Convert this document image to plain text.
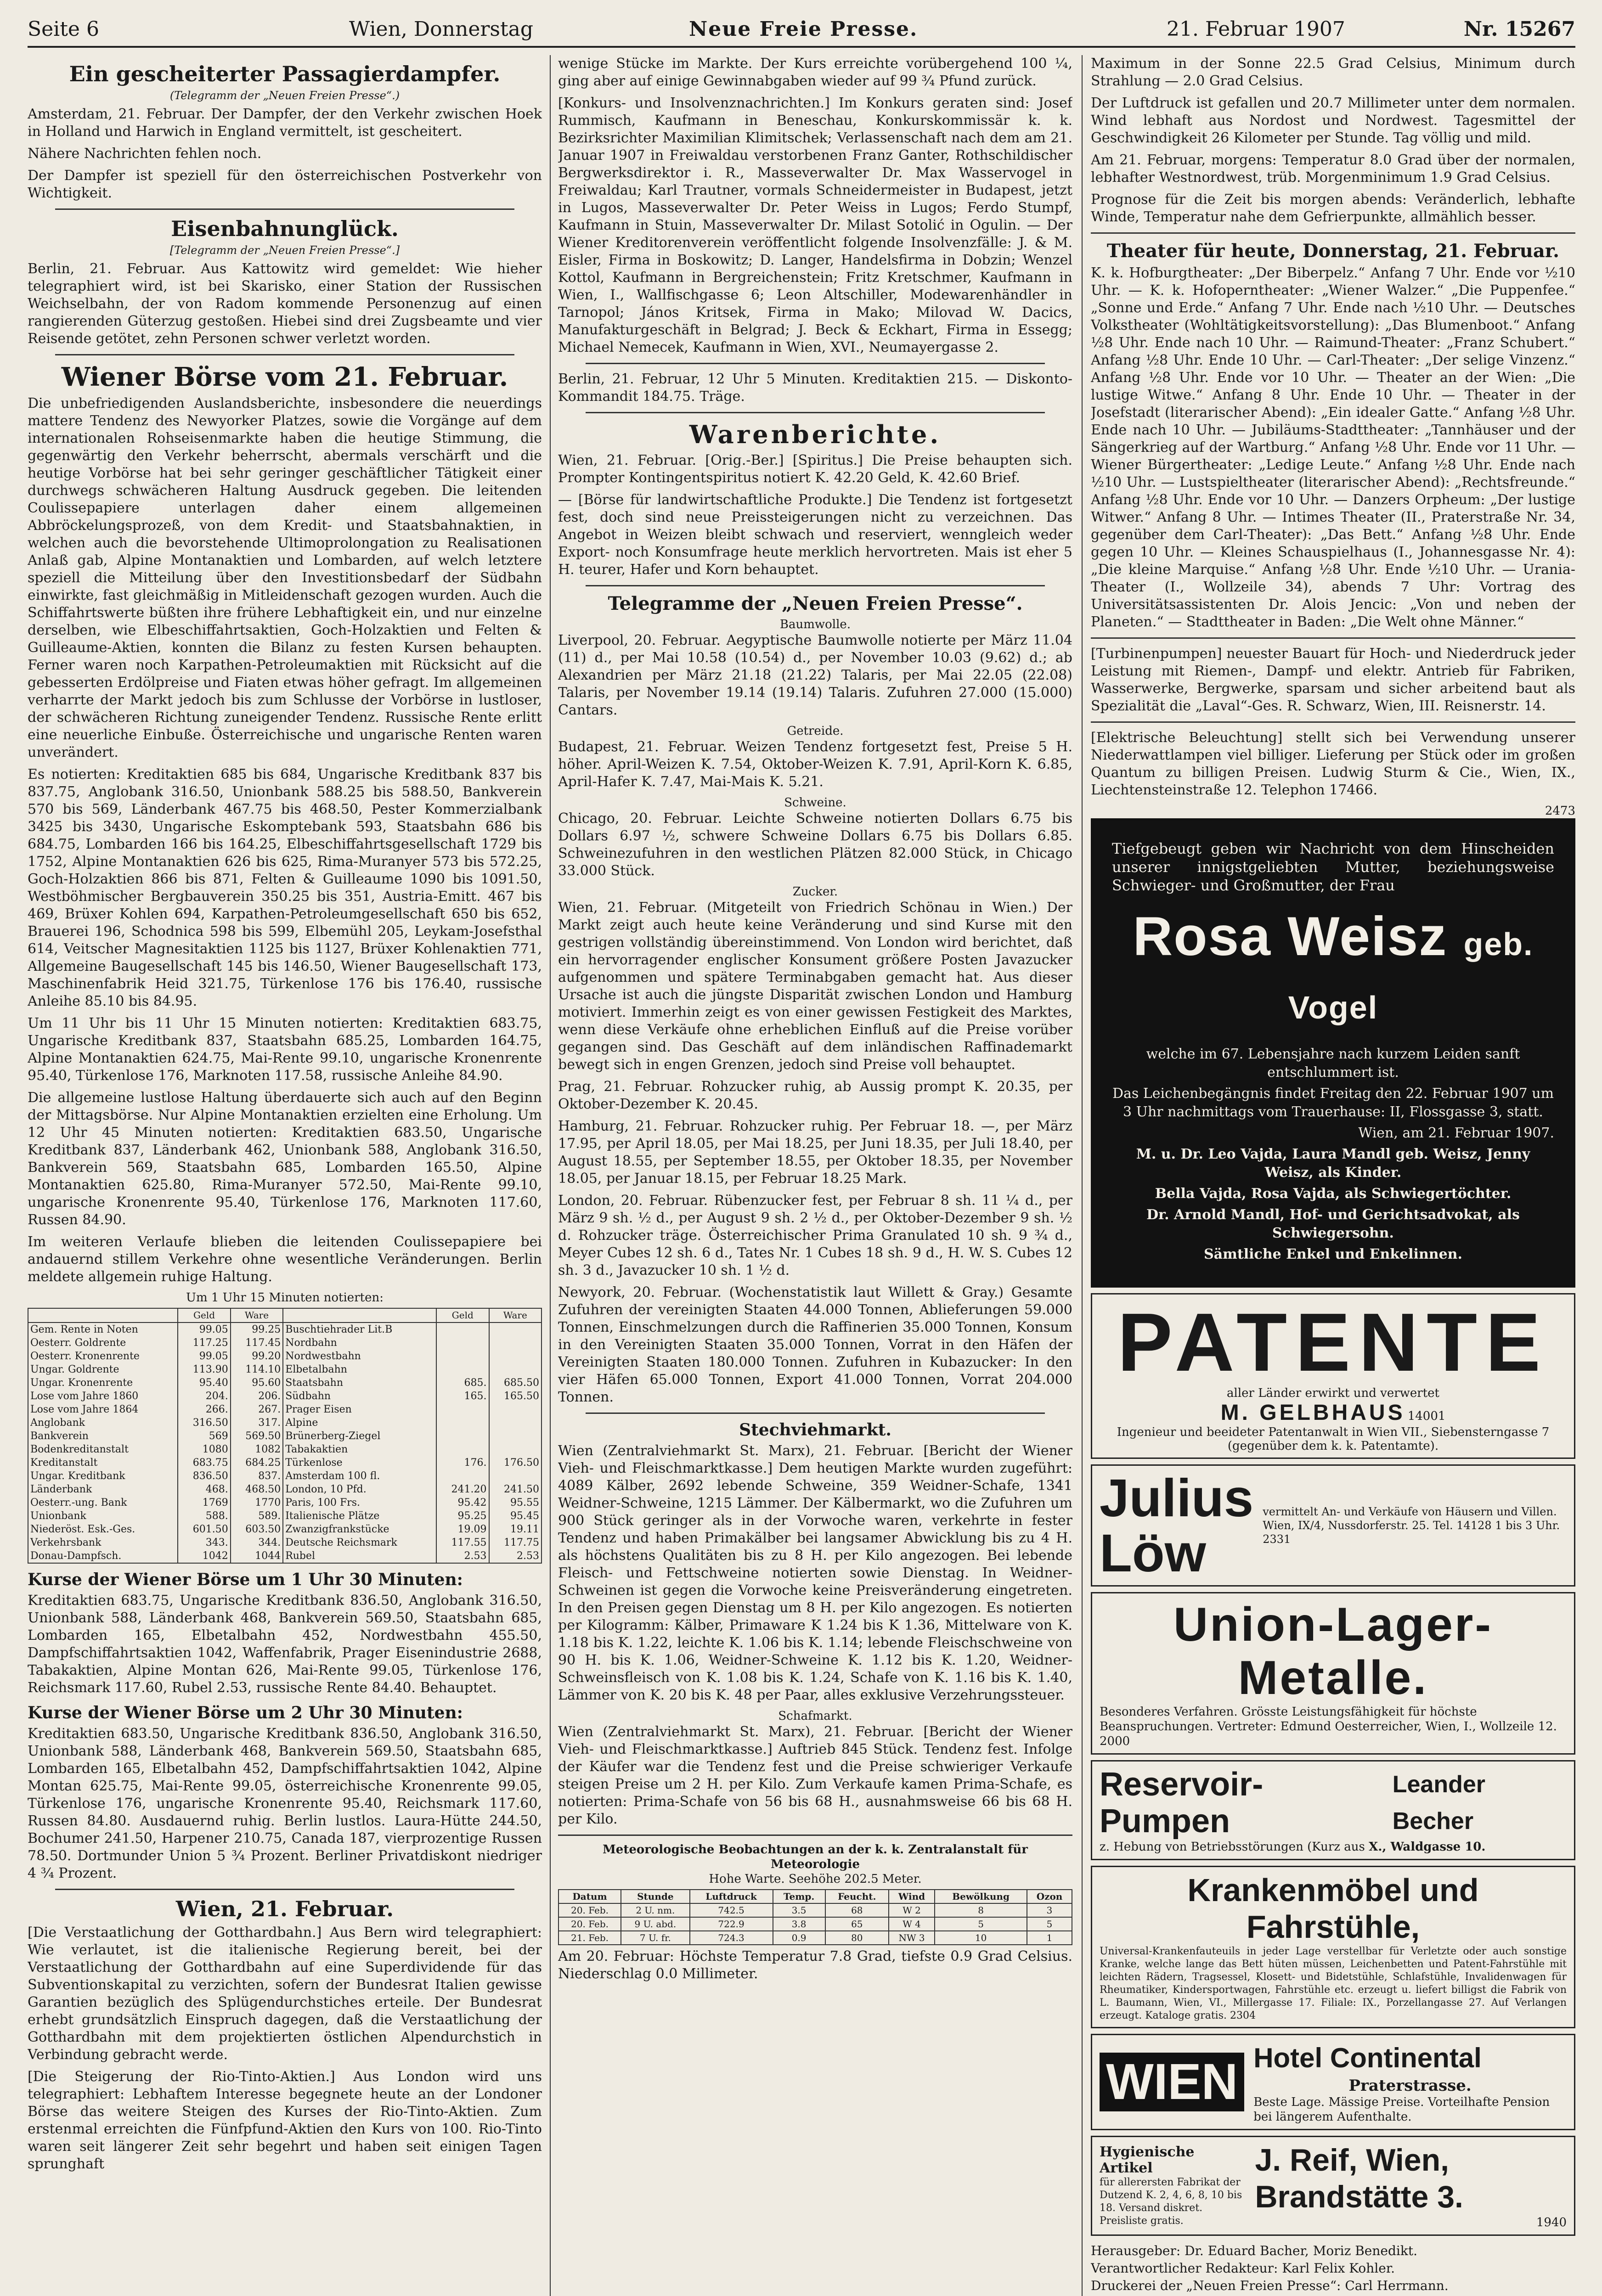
Seite 6	Wien, Donnerstag	Neue Freie Presse.	21. Februar 1907	Nr. 15267
Ein gescheiterter Passagierdampfer.
(Telegramm der „Neuen Freien Presse“.)

Amsterdam, 21. Februar. Der Dampfer, der den Verkehr zwischen Hoek in Holland und Harwich in England vermittelt, ist gescheitert.

Nähere Nachrichten fehlen noch.

Der Dampfer ist speziell für den österreichischen Postverkehr von Wichtigkeit.

Eisenbahnunglück.
[Telegramm der „Neuen Freien Presse“.]

Berlin, 21. Februar. Aus Kattowitz wird gemeldet: Wie hieher telegraphiert wird, ist bei Skarisko, einer Station der Russischen Weichselbahn, der von Radom kommende Personenzug auf einen rangierenden Güterzug gestoßen. Hiebei sind drei Zugsbeamte und vier Reisende getötet, zehn Personen schwer verletzt worden.

Wiener Börse vom 21. Februar.

Die unbefriedigenden Auslandsberichte, insbesondere die neuerdings mattere Tendenz des Newyorker Platzes, sowie die Vorgänge auf dem internationalen Rohseisenmarkte haben die heutige Stimmung, die gegenwärtig den Verkehr beherrscht, abermals verschärft und die heutige Vorbörse hat bei sehr geringer geschäftlicher Tätigkeit einer durchwegs schwächeren Haltung Ausdruck gegeben. Die leitenden Coulissepapiere unterlagen daher einem allgemeinen Abbröckelungsprozeß, von dem Kredit- und Staatsbahnaktien, in welchen auch die bevorstehende Ultimoprolongation zu Realisationen Anlaß gab, Alpine Montanaktien und Lombarden, auf welch letztere speziell die Mitteilung über den Investitionsbedarf der Südbahn einwirkte, fast gleichmäßig in Mitleidenschaft gezogen wurden. Auch die Schiffahrtswerte büßten ihre frühere Lebhaftigkeit ein, und nur einzelne derselben, wie Elbeschiffahrtsaktien, Goch-Holzaktien und Felten & Guilleaume-Aktien, konnten die Bilanz zu festen Kursen behaupten. Ferner waren noch Karpathen-Petroleumaktien mit Rücksicht auf die gebesserten Erdölpreise und Fiaten etwas höher gefragt. Im allgemeinen verharrte der Markt jedoch bis zum Schlusse der Vorbörse in lustloser, der schwächeren Richtung zuneigender Tendenz. Russische Rente erlitt eine neuerliche Einbuße. Österreichische und ungarische Renten waren unverändert.

Es notierten: Kreditaktien 685 bis 684, Ungarische Kreditbank 837 bis 837.75, Anglobank 316.50, Unionbank 588.25 bis 588.50, Bankverein 570 bis 569, Länderbank 467.75 bis 468.50, Pester Kommerzialbank 3425 bis 3430, Ungarische Eskomptebank 593, Staatsbahn 686 bis 684.75, Lombarden 166 bis 164.25, Elbeschiffahrtsgesellschaft 1729 bis 1752, Alpine Montanaktien 626 bis 625, Rima-Muranyer 573 bis 572.25, Goch-Holzaktien 866 bis 871, Felten & Guilleaume 1090 bis 1091.50, Westböhmischer Bergbauverein 350.25 bis 351, Austria-Emitt. 467 bis 469, Brüxer Kohlen 694, Karpathen-Petroleumgesellschaft 650 bis 652, Brauerei 196, Schodnica 598 bis 599, Elbemühl 205, Leykam-Josefsthal 614, Veitscher Magnesitaktien 1125 bis 1127, Brüxer Kohlenaktien 771, Allgemeine Baugesellschaft 145 bis 146.50, Wiener Baugesellschaft 173, Maschinenfabrik Heid 321.75, Türkenlose 176 bis 176.40, russische Anleihe 85.10 bis 84.95.

Um 11 Uhr bis 11 Uhr 15 Minuten notierten: Kreditaktien 683.75, Ungarische Kreditbank 837, Staatsbahn 685.25, Lombarden 164.75, Alpine Montanaktien 624.75, Mai-Rente 99.10, ungarische Kronenrente 95.40, Türkenlose 176, Marknoten 117.58, russische Anleihe 84.90.

Die allgemeine lustlose Haltung überdauerte sich auch auf den Beginn der Mittagsbörse. Nur Alpine Montanaktien erzielten eine Erholung. Um 12 Uhr 45 Minuten notierten: Kreditaktien 683.50, Ungarische Kreditbank 837, Länderbank 462, Unionbank 588, Anglobank 316.50, Bankverein 569, Staatsbahn 685, Lombarden 165.50, Alpine Montanaktien 625.80, Rima-Muranyer 572.50, Mai-Rente 99.10, ungarische Kronenrente 95.40, Türkenlose 176, Marknoten 117.60, Russen 84.90.

Im weiteren Verlaufe blieben die leitenden Coulissepapiere bei andauernd stillem Verkehre ohne wesentliche Veränderungen. Berlin meldete allgemein ruhige Haltung.

Um 1 Uhr 15 Minuten notierten:
	Geld	Ware		Geld	Ware
Gem. Rente in Noten	99.05	99.25	Buschtiehrader Lit.B		
Oesterr. Goldrente	117.25	117.45	Nordbahn		
Oesterr. Kronenrente	99.05	99.20	Nordwestbahn		
Ungar. Goldrente	113.90	114.10	Elbetalbahn		
Ungar. Kronenrente	95.40	95.60	Staatsbahn	685.	685.50
Lose vom Jahre 1860	204.	206.	Südbahn	165.	165.50
Lose vom Jahre 1864	266.	267.	Prager Eisen		
Anglobank	316.50	317.	Alpine		
Bankverein	569	569.50	Brünerberg-Ziegel		
Bodenkreditanstalt	1080	1082	Tabakaktien		
Kreditanstalt	683.75	684.25	Türkenlose	176.	176.50
Ungar. Kreditbank	836.50	837.	Amsterdam 100 fl.		
Länderbank	468.	468.50	London, 10 Pfd.	241.20	241.50
Oesterr.-ung. Bank	1769	1770	Paris, 100 Frs.	95.42	95.55
Unionbank	588.	589.	Italienische Plätze	95.25	95.45
Niederöst. Esk.-Ges.	601.50	603.50	Zwanzigfrankstücke	19.09	19.11
Verkehrsbank	343.	344.	Deutsche Reichsmark	117.55	117.75
Donau-Dampfsch.	1042	1044	Rubel	2.53	2.53
Kurse der Wiener Börse um 1 Uhr 30 Minuten:

Kreditaktien 683.75, Ungarische Kreditbank 836.50, Anglobank 316.50, Unionbank 588, Länderbank 468, Bankverein 569.50, Staatsbahn 685, Lombarden 165, Elbetalbahn 452, Nordwestbahn 455.50, Dampfschiffahrtsaktien 1042, Waffenfabrik, Prager Eisenindustrie 2688, Tabakaktien, Alpine Montan 626, Mai-Rente 99.05, Türkenlose 176, Reichsmark 117.60, Rubel 2.53, russische Rente 84.40. Behauptet.

Kurse der Wiener Börse um 2 Uhr 30 Minuten:

Kreditaktien 683.50, Ungarische Kreditbank 836.50, Anglobank 316.50, Unionbank 588, Länderbank 468, Bankverein 569.50, Staatsbahn 685, Lombarden 165, Elbetalbahn 452, Dampfschiffahrtsaktien 1042, Alpine Montan 625.75, Mai-Rente 99.05, österreichische Kronenrente 99.05, Türkenlose 176, ungarische Kronenrente 95.40, Reichsmark 117.60, Russen 84.80. Ausdauernd ruhig. Berlin lustlos. Laura-Hütte 244.50, Bochumer 241.50, Harpener 210.75, Canada 187, vierprozentige Russen 78.50. Dortmunder Union 5 ¾ Prozent. Berliner Privatdiskont niedriger 4 ¾ Prozent.

Wien, 21. Februar.

[Die Verstaatlichung der Gotthardbahn.] Aus Bern wird telegraphiert: Wie verlautet, ist die italienische Regierung bereit, bei der Verstaatlichung der Gotthardbahn auf eine Superdividende für das Subventionskapital zu verzichten, sofern der Bundesrat Italien gewisse Garantien bezüglich des Splügendurchstiches erteile. Der Bundesrat erhebt grundsätzlich Einspruch dagegen, daß die Verstaatlichung der Gotthardbahn mit dem projektierten östlichen Alpendurchstich in Verbindung gebracht werde.

[Die Steigerung der Rio-Tinto-Aktien.] Aus London wird uns telegraphiert: Lebhaftem Interesse begegnete heute an der Londoner Börse das weitere Steigen des Kurses der Rio-Tinto-Aktien. Zum erstenmal erreichten die Fünfpfund-Aktien den Kurs von 100. Rio-Tinto waren seit längerer Zeit sehr begehrt und haben seit einigen Tagen sprunghaft

wenige Stücke im Markte. Der Kurs erreichte vorübergehend 100 ¼, ging aber auf einige Gewinnabgaben wieder auf 99 ¾ Pfund zurück.

[Konkurs- und Insolvenznachrichten.] Im Konkurs geraten sind: Josef Rummisch, Kaufmann in Beneschau, Konkurskommissär k. k. Bezirksrichter Maximilian Klimitschek; Verlassenschaft nach dem am 21. Januar 1907 in Freiwaldau verstorbenen Franz Ganter, Rothschildischer Bergwerksdirektor i. R., Masseverwalter Dr. Max Wasservogel in Freiwaldau; Karl Trautner, vormals Schneidermeister in Budapest, jetzt in Lugos, Masseverwalter Dr. Peter Weiss in Lugos; Ferdo Stumpf, Kaufmann in Stuin, Masseverwalter Dr. Milast Sotolić in Ogulin. — Der Wiener Kreditorenverein veröffentlicht folgende Insolvenzfälle: J. & M. Eisler, Firma in Boskowitz; D. Langer, Handelsfirma in Dobzin; Wenzel Kottol, Kaufmann in Bergreichenstein; Fritz Kretschmer, Kaufmann in Wien, I., Wallfischgasse 6; Leon Altschiller, Modewarenhändler in Tarnopol; János Kritsek, Firma in Mako; Milovad W. Dacics, Manufakturgeschäft in Belgrad; J. Beck & Eckhart, Firma in Essegg; Michael Nemecek, Kaufmann in Wien, XVI., Neumayergasse 2.

Berlin, 21. Februar, 12 Uhr 5 Minuten. Kreditaktien 215. — Diskonto-Kommandit 184.75. Träge.

Warenberichte.

Wien, 21. Februar. [Orig.-Ber.] [Spiritus.] Die Preise behaupten sich. Prompter Kontingentspiritus notiert K. 42.20 Geld, K. 42.60 Brief.

— [Börse für landwirtschaftliche Produkte.] Die Tendenz ist fortgesetzt fest, doch sind neue Preissteigerungen nicht zu verzeichnen. Das Angebot in Weizen bleibt schwach und reserviert, wenngleich weder Export- noch Konsumfrage heute merklich hervortreten. Mais ist eher 5 H. teurer, Hafer und Korn behauptet.

Telegramme der „Neuen Freien Presse“.
Baumwolle.

Liverpool, 20. Februar. Aegyptische Baumwolle notierte per März 11.04 (11) d., per Mai 10.58 (10.54) d., per November 10.03 (9.62) d.; ab Alexandrien per März 21.18 (21.22) Talaris, per Mai 22.05 (22.08) Talaris, per November 19.14 (19.14) Talaris. Zufuhren 27.000 (15.000) Cantars.

Getreide.

Budapest, 21. Februar. Weizen Tendenz fortgesetzt fest, Preise 5 H. höher. April-Weizen K. 7.54, Oktober-Weizen K. 7.91, April-Korn K. 6.85, April-Hafer K. 7.47, Mai-Mais K. 5.21.

Schweine.

Chicago, 20. Februar. Leichte Schweine notierten Dollars 6.75 bis Dollars 6.97 ½, schwere Schweine Dollars 6.75 bis Dollars 6.85. Schweinezufuhren in den westlichen Plätzen 82.000 Stück, in Chicago 33.000 Stück.

Zucker.

Wien, 21. Februar. (Mitgeteilt von Friedrich Schönau in Wien.) Der Markt zeigt auch heute keine Veränderung und sind Kurse mit den gestrigen vollständig übereinstimmend. Von London wird berichtet, daß ein hervorragender englischer Konsument größere Posten Javazucker aufgenommen und spätere Terminabgaben gemacht hat. Aus dieser Ursache ist auch die jüngste Disparität zwischen London und Hamburg motiviert. Immerhin zeigt es von einer gewissen Festigkeit des Marktes, wenn diese Verkäufe ohne erheblichen Einfluß auf die Preise vorüber gegangen sind. Das Geschäft auf dem inländischen Raffinademarkt bewegt sich in engen Grenzen, jedoch sind Preise voll behauptet.

Prag, 21. Februar. Rohzucker ruhig, ab Aussig prompt K. 20.35, per Oktober-Dezember K. 20.45.

Hamburg, 21. Februar. Rohzucker ruhig. Per Februar 18. —, per März 17.95, per April 18.05, per Mai 18.25, per Juni 18.35, per Juli 18.40, per August 18.55, per September 18.55, per Oktober 18.35, per November 18.05, per Januar 18.15, per Februar 18.25 Mark.

London, 20. Februar. Rübenzucker fest, per Februar 8 sh. 11 ¼ d., per März 9 sh. ½ d., per August 9 sh. 2 ½ d., per Oktober-Dezember 9 sh. ½ d. Rohzucker träge. Österreichischer Prima Granulated 10 sh. 9 ¾ d., Meyer Cubes 12 sh. 6 d., Tates Nr. 1 Cubes 18 sh. 9 d., H. W. S. Cubes 12 sh. 3 d., Javazucker 10 sh. 1 ½ d.

Newyork, 20. Februar. (Wochenstatistik laut Willett & Gray.) Gesamte Zufuhren der vereinigten Staaten 44.000 Tonnen, Ablieferungen 59.000 Tonnen, Einschmelzungen durch die Raffinerien 35.000 Tonnen, Konsum in den Vereinigten Staaten 35.000 Tonnen, Vorrat in den Häfen der Vereinigten Staaten 180.000 Tonnen. Zufuhren in Kubazucker: In den vier Häfen 65.000 Tonnen, Export 41.000 Tonnen, Vorrat 204.000 Tonnen.

Stechviehmarkt.

Wien (Zentralviehmarkt St. Marx), 21. Februar. [Bericht der Wiener Vieh- und Fleischmarktkasse.] Dem heutigen Markte wurden zugeführt: 4089 Kälber, 2692 lebende Schweine, 359 Weidner-Schafe, 1341 Weidner-Schweine, 1215 Lämmer. Der Kälbermarkt, wo die Zufuhren um 900 Stück geringer als in der Vorwoche waren, verkehrte in fester Tendenz und haben Primakälber bei langsamer Abwicklung bis zu 4 H. als höchstens Qualitäten bis zu 8 H. per Kilo angezogen. Bei lebende Fleisch- und Fettschweine notierten sowie Dienstag. In Weidner-Schweinen ist gegen die Vorwoche keine Preisveränderung eingetreten. In den Preisen gegen Dienstag um 8 H. per Kilo angezogen. Es notierten per Kilogramm: Kälber, Primaware K 1.24 bis K 1.36, Mittelware von K. 1.18 bis K. 1.22, leichte K. 1.06 bis K. 1.14; lebende Fleischschweine von 90 H. bis K. 1.06, Weidner-Schweine K. 1.12 bis K. 1.20, Weidner-Schweinsfleisch von K. 1.08 bis K. 1.24, Schafe von K. 1.16 bis K. 1.40, Lämmer von K. 20 bis K. 48 per Paar, alles exklusive Verzehrungssteuer.

Schafmarkt.

Wien (Zentralviehmarkt St. Marx), 21. Februar. [Bericht der Wiener Vieh- und Fleischmarktkasse.] Auftrieb 845 Stück. Tendenz fest. Infolge der Käufer war die Tendenz fest und die Preise schwieriger Verkaufe steigen Preise um 2 H. per Kilo. Zum Verkaufe kamen Prima-Schafe, es notierten: Prima-Schafe von 56 bis 68 H., ausnahmsweise 66 bis 68 H. per Kilo.

Meteorologische Beobachtungen an der k. k. Zentralanstalt für Meteorologie
Hohe Warte. Seehöhe 202.5 Meter.
Datum	Stunde	Luftdruck	Temp.	Feucht.	Wind	Bewölkung	Ozon
20. Feb.	2 U. nm.	742.5	3.5	68	W 2	8	3
20. Feb.	9 U. abd.	722.9	3.8	65	W 4	5	5
21. Feb.	7 U. fr.	724.3	0.9	80	NW 3	10	1

Am 20. Februar: Höchste Temperatur 7.8 Grad, tiefste 0.9 Grad Celsius. Niederschlag 0.0 Millimeter.

Maximum in der Sonne 22.5 Grad Celsius, Minimum durch Strahlung — 2.0 Grad Celsius.

Der Luftdruck ist gefallen und 20.7 Millimeter unter dem normalen. Wind lebhaft aus Nordost und Nordwest. Tagesmittel der Geschwindigkeit 26 Kilometer per Stunde. Tag völlig und mild.

Am 21. Februar, morgens: Temperatur 8.0 Grad über der normalen, lebhafter Westnordwest, trüb. Morgenminimum 1.9 Grad Celsius.

Prognose für die Zeit bis morgen abends: Veränderlich, lebhafte Winde, Temperatur nahe dem Gefrierpunkte, allmählich besser.

Theater für heute, Donnerstag, 21. Februar.

K. k. Hofburgtheater: „Der Biberpelz.“ Anfang 7 Uhr. Ende vor ½10 Uhr. — K. k. Hofoperntheater: „Wiener Walzer.“ „Die Puppenfee.“ „Sonne und Erde.“ Anfang 7 Uhr. Ende nach ½10 Uhr. — Deutsches Volkstheater (Wohltätigkeitsvorstellung): „Das Blumenboot.“ Anfang ½8 Uhr. Ende nach 10 Uhr. — Raimund-Theater: „Franz Schubert.“ Anfang ½8 Uhr. Ende 10 Uhr. — Carl-Theater: „Der selige Vinzenz.“ Anfang ½8 Uhr. Ende vor 10 Uhr. — Theater an der Wien: „Die lustige Witwe.“ Anfang 8 Uhr. Ende 10 Uhr. — Theater in der Josefstadt (literarischer Abend): „Ein idealer Gatte.“ Anfang ½8 Uhr. Ende nach 10 Uhr. — Jubiläums-Stadttheater: „Tannhäuser und der Sängerkrieg auf der Wartburg.“ Anfang ½8 Uhr. Ende vor 11 Uhr. — Wiener Bürgertheater: „Ledige Leute.“ Anfang ½8 Uhr. Ende nach ½10 Uhr. — Lustspieltheater (literarischer Abend): „Rechtsfreunde.“ Anfang ½8 Uhr. Ende vor 10 Uhr. — Danzers Orpheum: „Der lustige Witwer.“ Anfang 8 Uhr. — Intimes Theater (II., Praterstraße Nr. 34, gegenüber dem Carl-Theater): „Das Bett.“ Anfang ½8 Uhr. Ende gegen 10 Uhr. — Kleines Schauspielhaus (I., Johannesgasse Nr. 4): „Die kleine Marquise.“ Anfang ½8 Uhr. Ende ½10 Uhr. — Urania-Theater (I., Wollzeile 34), abends 7 Uhr: Vortrag des Universitätsassistenten Dr. Alois Jencic: „Von und neben der Planeten.“ — Stadttheater in Baden: „Die Welt ohne Männer.“

[Turbinenpumpen] neuester Bauart für Hoch- und Niederdruck jeder Leistung mit Riemen-, Dampf- und elektr. Antrieb für Fabriken, Wasserwerke, Bergwerke, sparsam und sicher arbeitend baut als Spezialität die „Laval“-Ges. R. Schwarz, Wien, III. Reisnerstr. 14.

[Elektrische Beleuchtung] stellt sich bei Verwendung unserer Niederwattlampen viel billiger. Lieferung per Stück oder im großen Quantum zu billigen Preisen. Ludwig Sturm & Cie., Wien, IX., Liechtensteinstraße 12. Telephon 17466.

2473
Tiefgebeugt geben wir Nachricht von dem Hinscheiden unserer innigstgeliebten Mutter, beziehungsweise Schwieger- und Großmutter, der Frau
Rosa Weisz geb. Vogel
welche im 67. Lebensjahre nach kurzem Leiden sanft entschlummert ist.
Das Leichenbegängnis findet Freitag den 22. Februar 1907 um 3 Uhr nachmittags vom Trauerhause: II, Flossgasse 3, statt.
Wien, am 21. Februar 1907.
M. u. Dr. Leo Vajda, Laura Mandl geb. Weisz, Jenny Weisz, als Kinder.
Bella Vajda, Rosa Vajda, als Schwiegertöchter.
Dr. Arnold Mandl, Hof- und Gerichtsadvokat, als Schwiegersohn.
Sämtliche Enkel und Enkelinnen.
PATENTE
aller Länder erwirkt und verwertet
M. GELBHAUS 14001
Ingenieur und beeideter Patentanwalt in Wien VII., Siebensterngasse 7 (gegenüber dem k. k. Patentamte).
Julius Löw
vermittelt An- und Verkäufe von Häusern und Villen. Wien, IX/4, Nussdorferstr. 25. Tel. 14128 1 bis 3 Uhr. 2331
Union-Lager-Metalle.
Besonderes Verfahren. Grösste Leistungsfähigkeit für höchste Beanspruchungen. Vertreter: Edmund Oesterreicher, Wien, I., Wollzeile 12. 2000
Reservoir-Pumpen
Leander Becher
z. Hebung von Betriebsstörungen (Kurz aus X., Waldgasse 10.
Krankenmöbel und Fahrstühle,
Universal-Krankenfauteuils in jeder Lage verstellbar für Verletzte oder auch sonstige Kranke, welche lange das Bett hüten müssen, Leichenbetten und Patent-Fahrstühle mit leichten Rädern, Tragsessel, Klosett- und Bidetstühle, Schlafstühle, Invalidenwagen für Rheumatiker, Kindersportwagen, Fahrstühle etc. erzeugt u. liefert billigst die Fabrik von L. Baumann, Wien, VI., Millergasse 17. Filiale: IX., Porzellangasse 27. Auf Verlangen erzeugt. Kataloge gratis. 2304
WIEN Hotel Continental
Praterstrasse.
Beste Lage. Mässige Preise. Vorteilhafte Pension bei längerem Aufenthalte.
Hygienische Artikel
für allerersten Fabrikat der Dutzend K. 2, 4, 6, 8, 10 bis 18. Versand diskret. Preisliste gratis.
J. Reif, Wien, Brandstätte 3.
1940
Herausgeber: Dr. Eduard Bacher, Moriz Benedikt.
Verantwortlicher Redakteur: Karl Felix Kohler.
Druckerei der „Neuen Freien Presse“: Carl Herrmann.
